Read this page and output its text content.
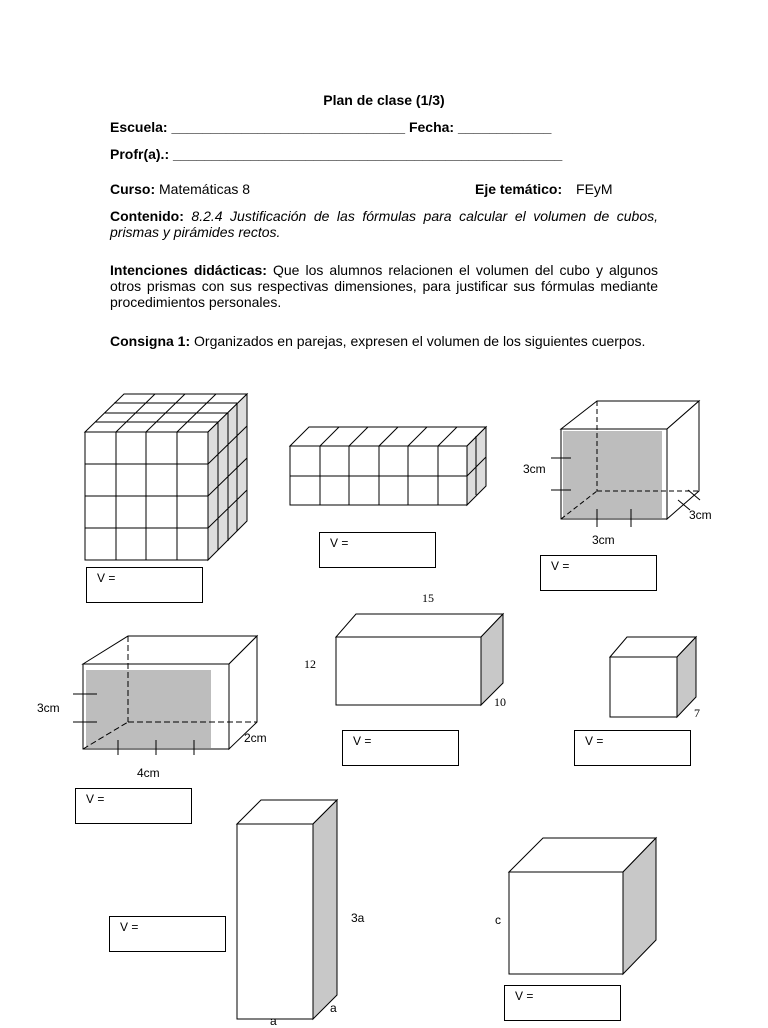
Plan de clase (1/3)
Escuela: ______________________________ Fecha: ____________
Profr(a).: __________________________________________________
Curso: Matemáticas 8	Eje temático: FEyM
Contenido: 8.2.4 Justificación de las fórmulas para calcular el volumen de cubos, prismas y pirámides rectos.
Intenciones didácticas: Que los alumnos relacionen el volumen del cubo y algunos otros prismas con sus respectivas dimensiones, para justificar sus fórmulas mediante procedimientos personales.
Consigna 1: Organizados en parejas, expresen el volumen de los siguientes cuerpos.
3cm
3cm
3cm
3cm
4cm
2cm
15
12
10
7
3a
a
a
c
V =
V =
V =
V =
V =	V =
V =
V =
